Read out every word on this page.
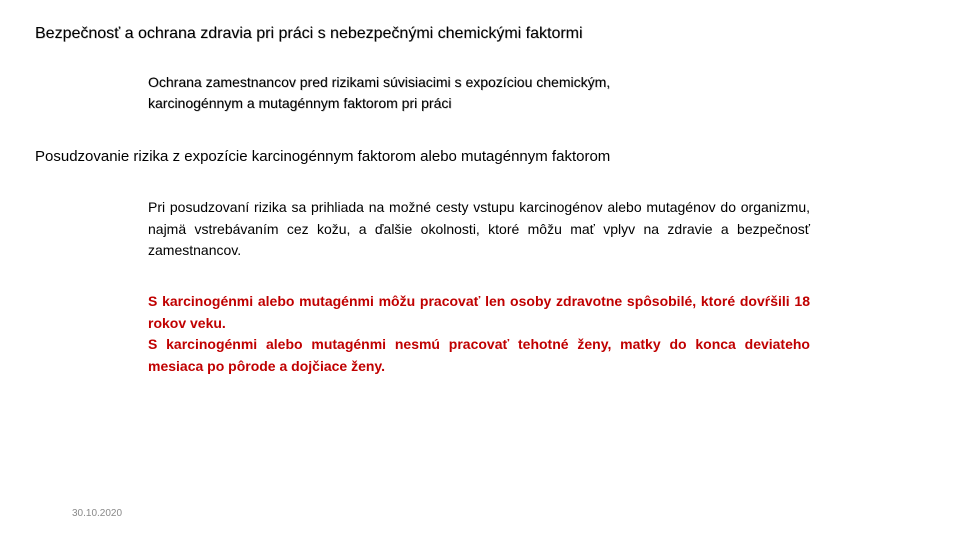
Bezpečnosť a ochrana zdravia pri práci s nebezpečnými chemickými faktormi
Ochrana zamestnancov pred rizikami súvisiacimi s expozíciou chemickým,
karcinogénnym a mutagénnym faktorom pri práci
Posudzovanie rizika z expozície karcinogénnym faktorom alebo mutagénnym faktorom
Pri posudzovaní rizika sa prihliada na možné cesty vstupu karcinogénov alebo mutagénov do organizmu, najmä vstrebávaním cez kožu, a ďalšie okolnosti, ktoré môžu mať vplyv na zdravie a bezpečnosť zamestnancov.

S karcinogénmi alebo mutagénmi môžu pracovať len osoby zdravotne spôsobilé, ktoré dovŕšili 18 rokov veku.

S karcinogénmi alebo mutagénmi nesmú pracovať tehotné ženy, matky do konca deviateho mesiaca po pôrode a dojčiace ženy.

30.10.2020
